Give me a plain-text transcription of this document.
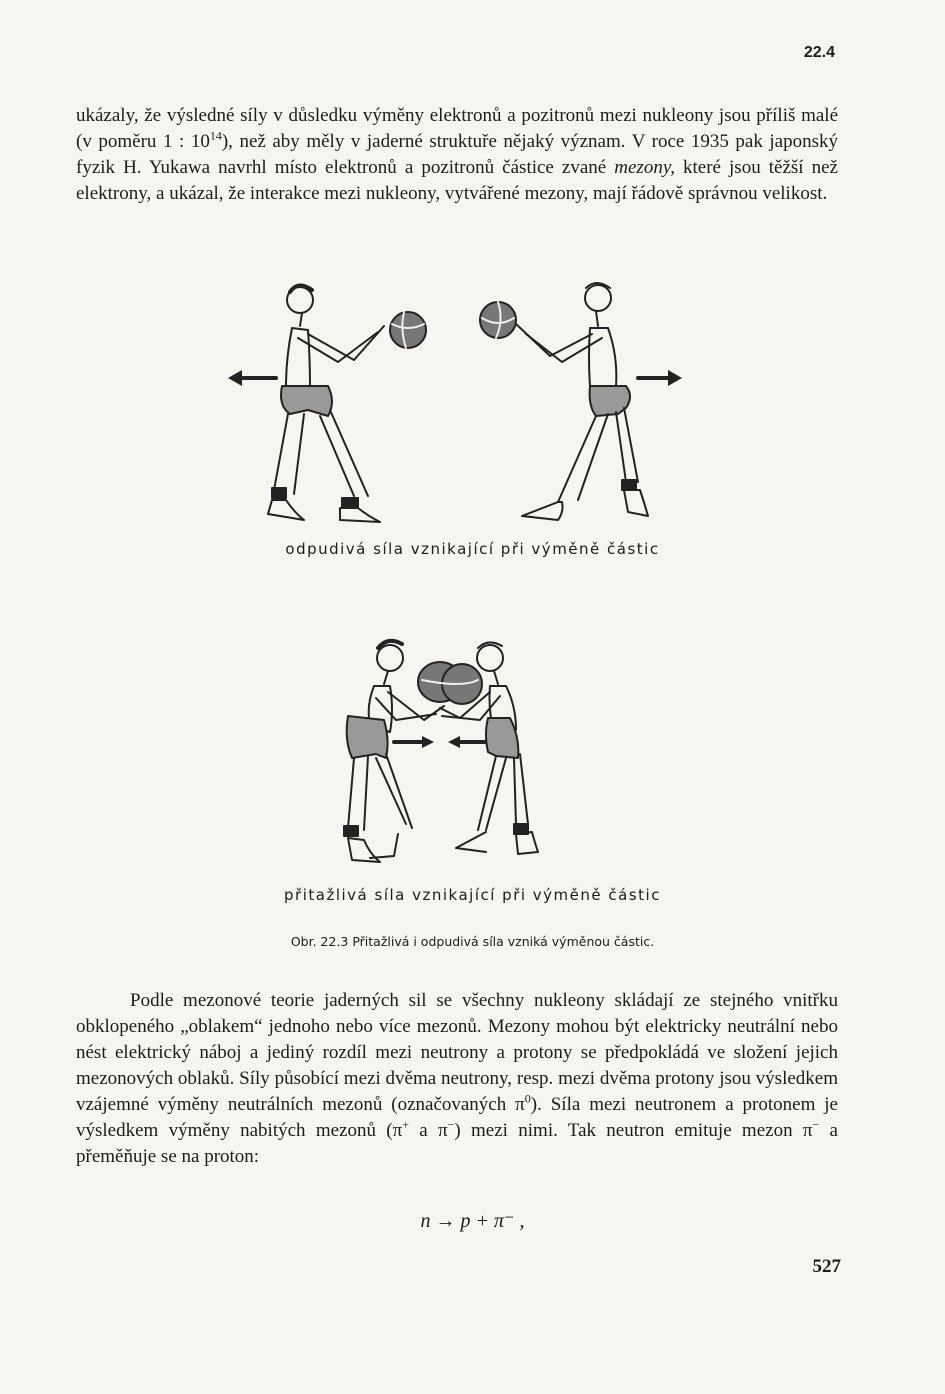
22.4

ukázaly, že výsledné síly v důsledku výměny elektronů a pozitronů mezi nukleony jsou příliš malé (v poměru 1 : $10^{14}$), než aby měly v jaderné struktuře nějaký význam. V roce 1935 pak japonský fyzik H. Yukawa navrhl místo elektronů a pozitronů částice zvané mezony, které jsou těžší než elektrony, a ukázal, že interakce mezi nukleony, vytvářené mezony, mají řádově správnou velikost.

odpudivá síla vznikající při výměně částic

přitažlivá síla vznikající při výměně částic

Obr. 22.3 Přitažlivá i odpudivá síla vzniká výměnou částic.

Podle mezonové teorie jaderných sil se všechny nukleony skládají ze stejného vnitřku obklopeného „oblakem“ jednoho nebo více mezonů. Mezony mohou být elektricky neutrální nebo nést elektrický náboj a jediný rozdíl mezi neutrony a protony se předpokládá ve složení jejich mezonových oblaků. Síly působící mezi dvěma neutrony, resp. mezi dvěma protony jsou výsledkem vzájemné výměny neutrálních mezonů (označovaných $\pi^0$). Síla mezi neutronem a protonem je výsledkem výměny nabitých mezonů (π+ a π−) mezi nimi. Tak neutron emituje mezon π− a přeměňuje se na proton:

n → p + π⁻ ,

527
